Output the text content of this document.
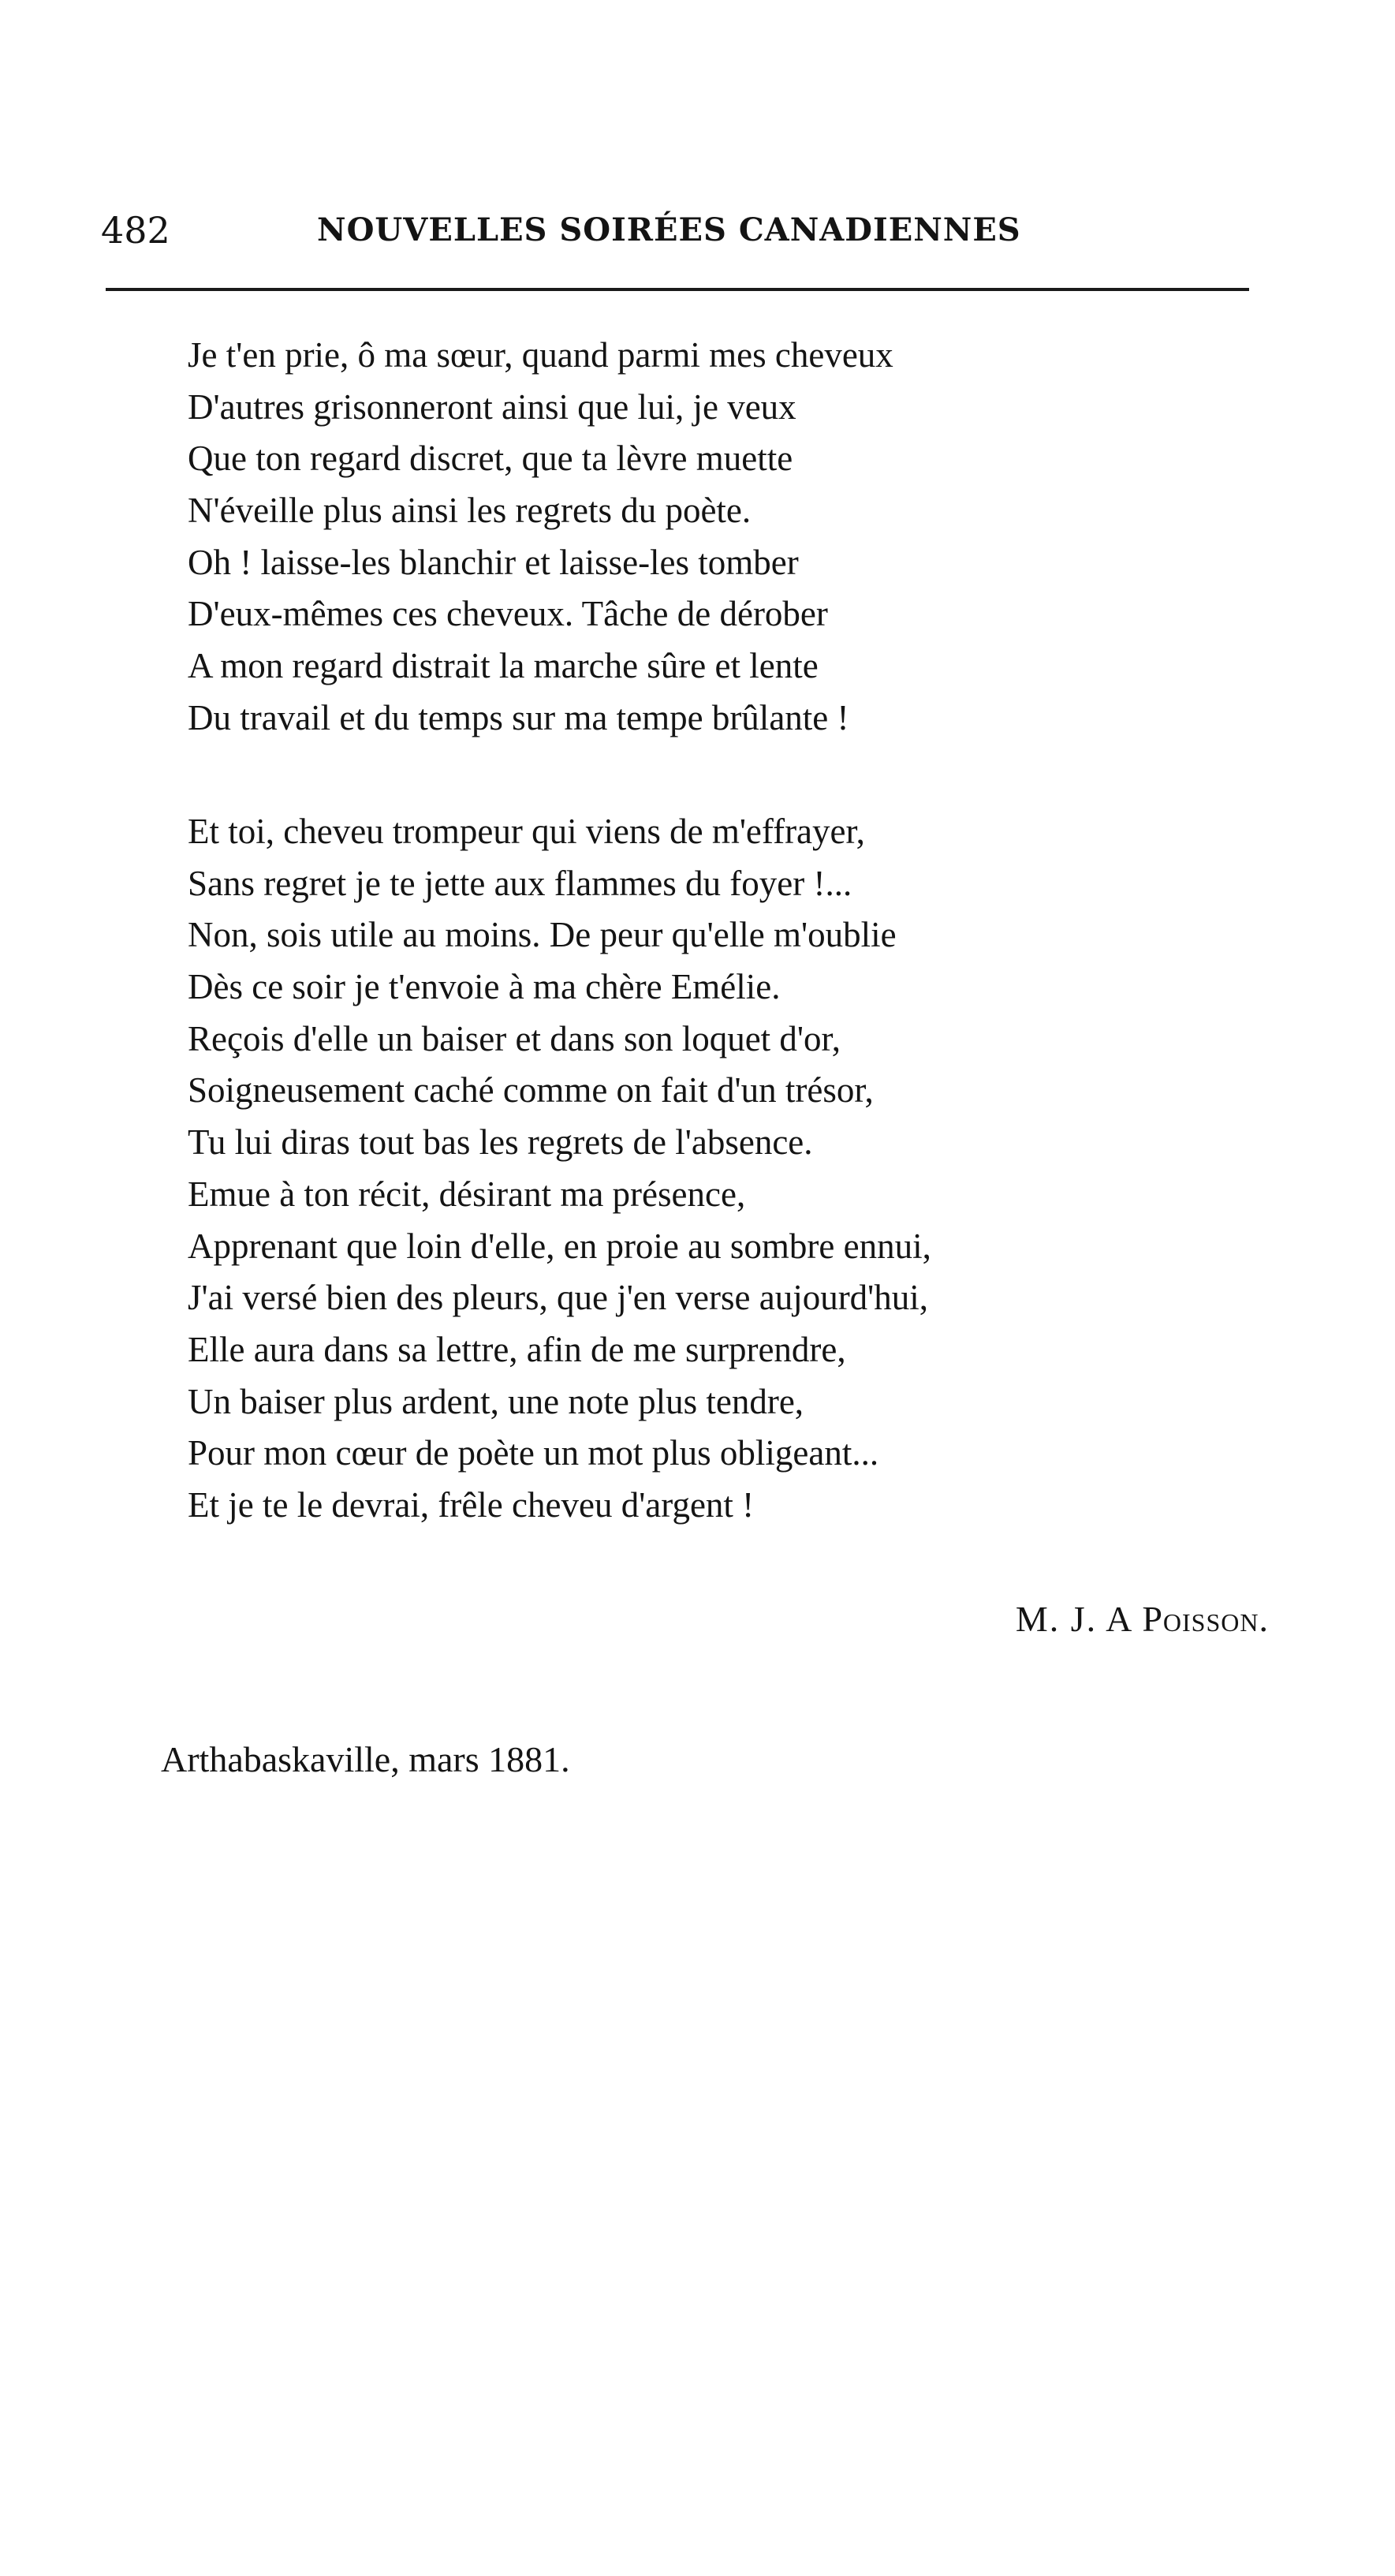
482	NOUVELLES SOIRÉES CANADIENNES
Je t'en prie, ô ma sœur, quand parmi mes cheveux
D'autres grisonneront ainsi que lui, je veux
Que ton regard discret, que ta lèvre muette
N'éveille plus ainsi les regrets du poète.
Oh ! laisse-les blanchir et laisse-les tomber
D'eux-mêmes ces cheveux. Tâche de dérober
A mon regard distrait la marche sûre et lente
Du travail et du temps sur ma tempe brûlante !
Et toi, cheveu trompeur qui viens de m'effrayer,
Sans regret je te jette aux flammes du foyer !...
Non, sois utile au moins. De peur qu'elle m'oublie
Dès ce soir je t'envoie à ma chère Emélie.
Reçois d'elle un baiser et dans son loquet d'or,
Soigneusement caché comme on fait d'un trésor,
Tu lui diras tout bas les regrets de l'absence.
Emue à ton récit, désirant ma présence,
Apprenant que loin d'elle, en proie au sombre ennui,
J'ai versé bien des pleurs, que j'en verse aujourd'hui,
Elle aura dans sa lettre, afin de me surprendre,
Un baiser plus ardent, une note plus tendre,
Pour mon cœur de poète un mot plus obligeant...
Et je te le devrai, frêle cheveu d'argent !
M. J. A Poisson.
Arthabaskaville, mars 1881.
